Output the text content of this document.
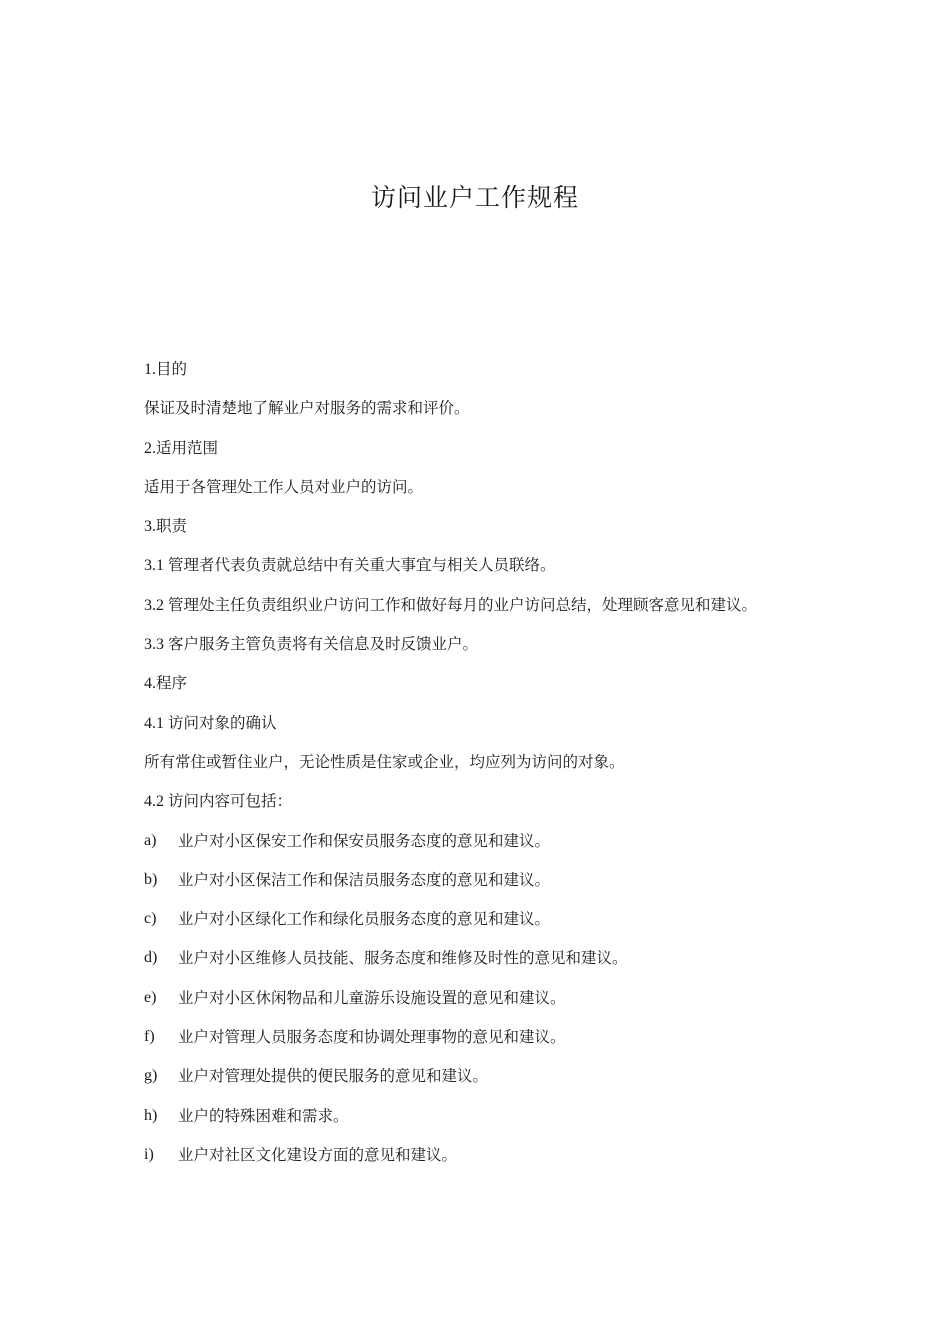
访问业户工作规程
1.目的
保证及时清楚地了解业户对服务的需求和评价。
2.适用范围
适用于各管理处工作人员对业户的访问。
3.职责
3.1 管理者代表负责就总结中有关重大事宜与相关人员联络。
3.2 管理处主任负责组织业户访问工作和做好每月的业户访问总结，处理顾客意见和建议。
3.3 客户服务主管负责将有关信息及时反馈业户。
4.程序
4.1 访问对象的确认
所有常住或暂住业户，无论性质是住家或企业，均应列为访问的对象。
4.2 访问内容可包括：
a)	业户对小区保安工作和保安员服务态度的意见和建议。
b)	业户对小区保洁工作和保洁员服务态度的意见和建议。
c)	业户对小区绿化工作和绿化员服务态度的意见和建议。
d)	业户对小区维修人员技能、服务态度和维修及时性的意见和建议。
e)	业户对小区休闲物品和儿童游乐设施设置的意见和建议。
f)	业户对管理人员服务态度和协调处理事物的意见和建议。
g)	业户对管理处提供的便民服务的意见和建议。
h)	业户的特殊困难和需求。
i)	业户对社区文化建设方面的意见和建议。
